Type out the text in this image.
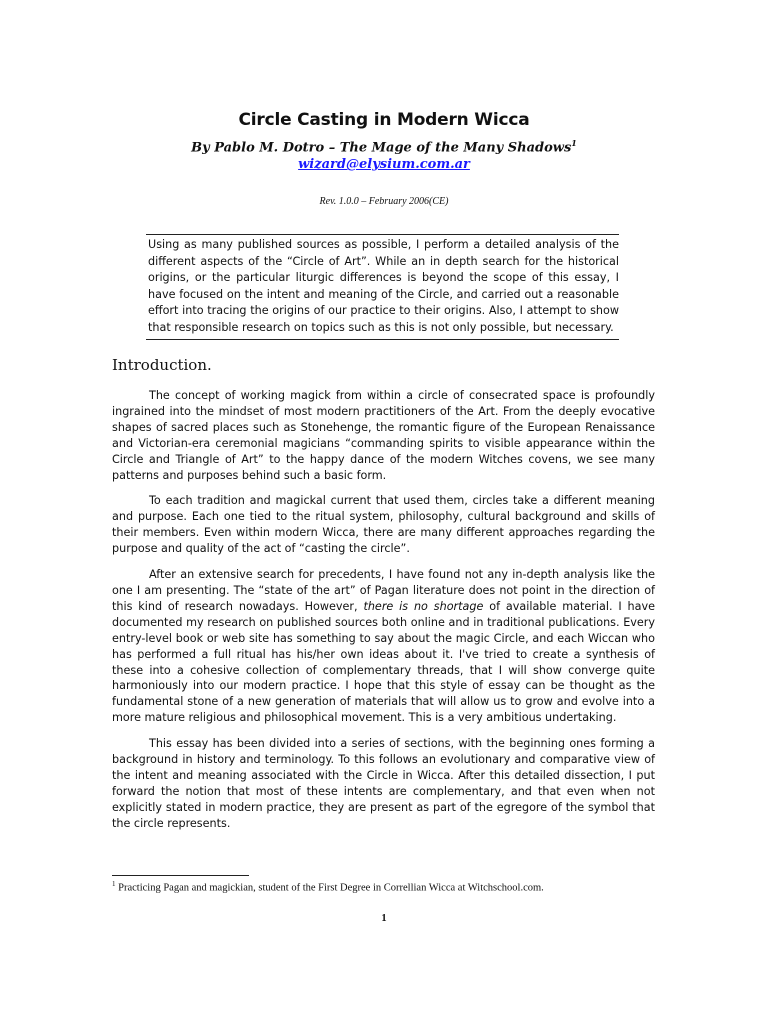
Circle Casting in Modern Wicca
By Pablo M. Dotro – The Mage of the Many Shadows$^1$
wizard@elysium.com.ar
Rev. 1.0.0 – February 2006(CE)
Using as many published sources as possible, I perform a detailed analysis of the different aspects of the “Circle of Art”. While an in depth search for the historical origins, or the particular liturgic differences is beyond the scope of this essay, I have focused on the intent and meaning of the Circle, and carried out a reasonable effort into tracing the origins of our practice to their origins. Also, I attempt to show that responsible research on topics such as this is not only possible, but necessary.
Introduction.

The concept of working magick from within a circle of consecrated space is profoundly ingrained into the mindset of most modern practitioners of the Art. From the deeply evocative shapes of sacred places such as Stonehenge, the romantic figure of the European Renaissance and Victorian-era ceremonial magicians “commanding spirits to visible appearance within the Circle and Triangle of Art” to the happy dance of the modern Witches covens, we see many patterns and purposes behind such a basic form.

To each tradition and magickal current that used them, circles take a different meaning and purpose. Each one tied to the ritual system, philosophy, cultural background and skills of their members. Even within modern Wicca, there are many different approaches regarding the purpose and quality of the act of “casting the circle”.

After an extensive search for precedents, I have found not any in-depth analysis like the one I am presenting. The “state of the art” of Pagan literature does not point in the direction of this kind of research nowadays. However, there is no shortage of available material. I have documented my research on published sources both online and in traditional publications. Every entry-level book or web site has something to say about the magic Circle, and each Wiccan who has performed a full ritual has his/her own ideas about it. I've tried to create a synthesis of these into a cohesive collection of complementary threads, that I will show converge quite harmoniously into our modern practice. I hope that this style of essay can be thought as the fundamental stone of a new generation of materials that will allow us to grow and evolve into a more mature religious and philosophical movement. This is a very ambitious undertaking.

This essay has been divided into a series of sections, with the beginning ones forming a background in history and terminology. To this follows an evolutionary and comparative view of the intent and meaning associated with the Circle in Wicca. After this detailed dissection, I put forward the notion that most of these intents are complementary, and that even when not explicitly stated in modern practice, they are present as part of the egregore of the symbol that the circle represents.

$^1$ Practicing Pagan and magickian, student of the First Degree in Correllian Wicca at Witchschool.com.
1
